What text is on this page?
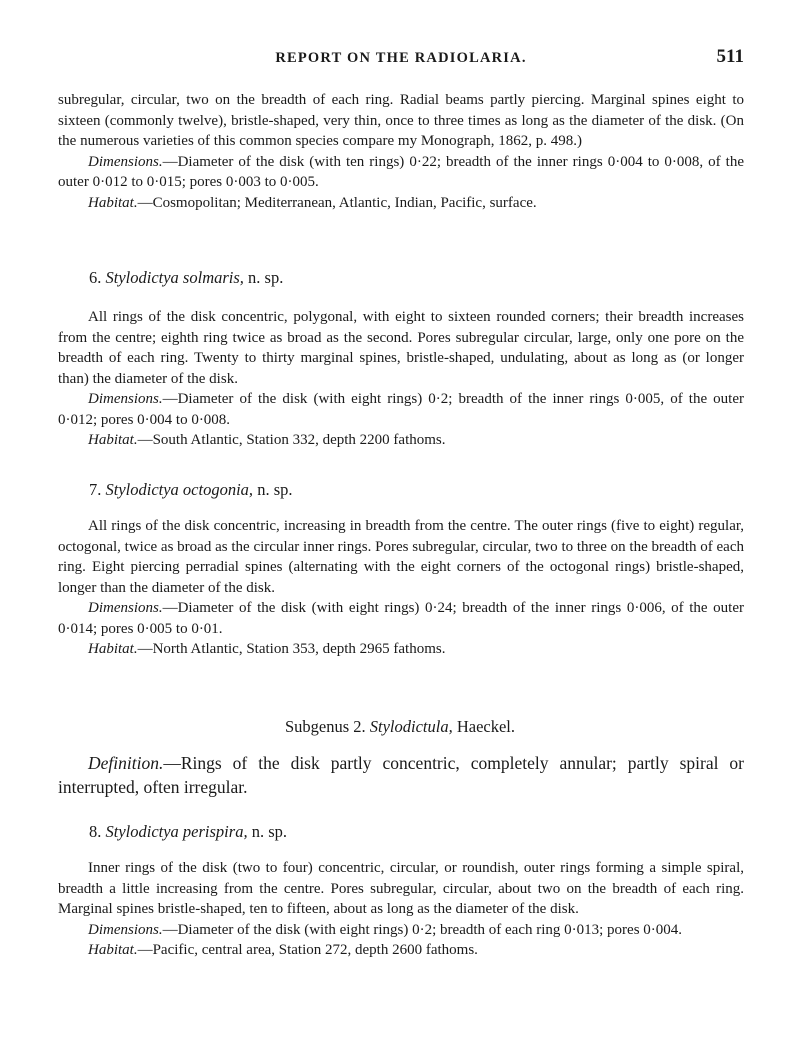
REPORT ON THE RADIOLARIA.	511

subregular, circular, two on the breadth of each ring. Radial beams partly piercing. Marginal spines eight to sixteen (commonly twelve), bristle-shaped, very thin, once to three times as long as the diameter of the disk. (On the numerous varieties of this common species compare my Monograph, 1862, p. 498.)

Dimensions.—Diameter of the disk (with ten rings) 0·22; breadth of the inner rings 0·004 to 0·008, of the outer 0·012 to 0·015; pores 0·003 to 0·005.

Habitat.—Cosmopolitan; Mediterranean, Atlantic, Indian, Pacific, surface.

6. Stylodictya solmaris, n. sp.

All rings of the disk concentric, polygonal, with eight to sixteen rounded corners; their breadth increases from the centre; eighth ring twice as broad as the second. Pores subregular circular, large, only one pore on the breadth of each ring. Twenty to thirty marginal spines, bristle-shaped, undulating, about as long as (or longer than) the diameter of the disk.

Dimensions.—Diameter of the disk (with eight rings) 0·2; breadth of the inner rings 0·005, of the outer 0·012; pores 0·004 to 0·008.

Habitat.—South Atlantic, Station 332, depth 2200 fathoms.

7. Stylodictya octogonia, n. sp.

All rings of the disk concentric, increasing in breadth from the centre. The outer rings (five to eight) regular, octogonal, twice as broad as the circular inner rings. Pores subregular, circular, two to three on the breadth of each ring. Eight piercing perradial spines (alternating with the eight corners of the octogonal rings) bristle-shaped, longer than the diameter of the disk.

Dimensions.—Diameter of the disk (with eight rings) 0·24; breadth of the inner rings 0·006, of the outer 0·014; pores 0·005 to 0·01.

Habitat.—North Atlantic, Station 353, depth 2965 fathoms.

Subgenus 2. Stylodictula, Haeckel.

Definition.—Rings of the disk partly concentric, completely annular; partly spiral or interrupted, often irregular.

8. Stylodictya perispira, n. sp.

Inner rings of the disk (two to four) concentric, circular, or roundish, outer rings forming a simple spiral, breadth a little increasing from the centre. Pores subregular, circular, about two on the breadth of each ring. Marginal spines bristle-shaped, ten to fifteen, about as long as the diameter of the disk.

Dimensions.—Diameter of the disk (with eight rings) 0·2; breadth of each ring 0·013; pores 0·004.

Habitat.—Pacific, central area, Station 272, depth 2600 fathoms.
